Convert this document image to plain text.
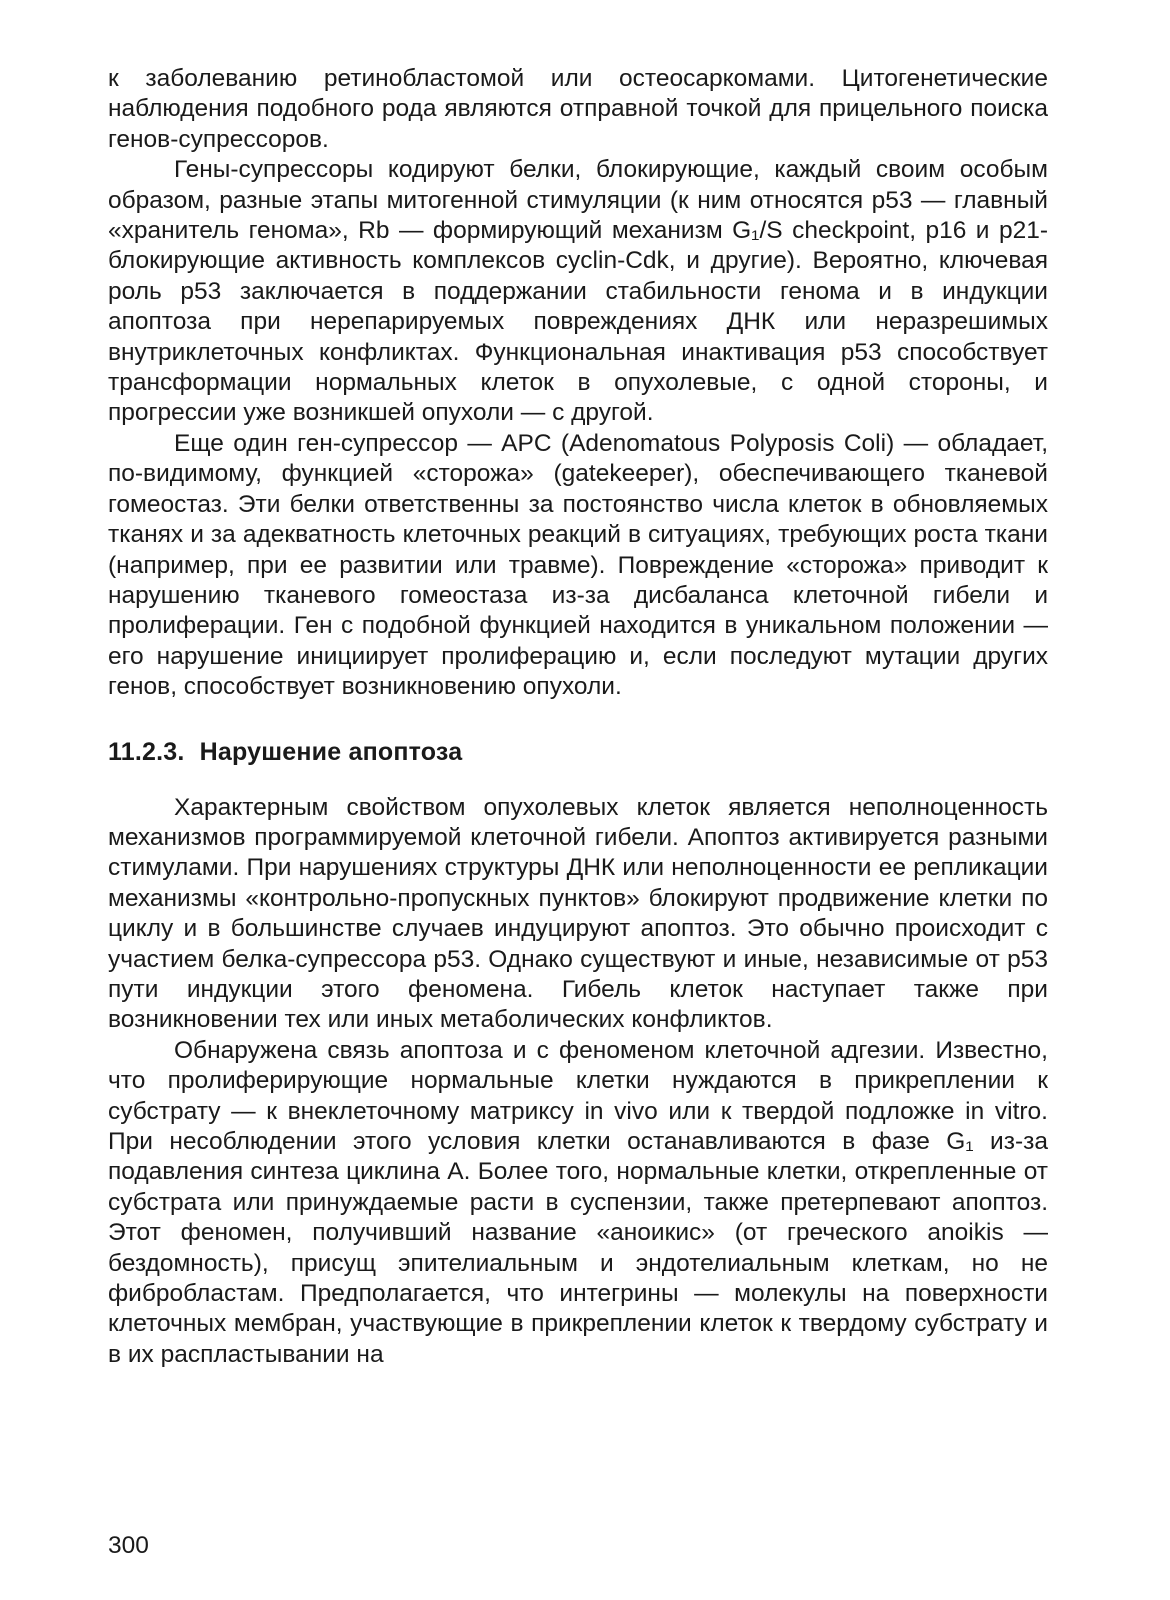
к заболеванию ретинобластомой или остеосаркомами. Цитогенетические наблюдения подобного рода являются отправной точкой для прицельного поиска генов-супрессоров.

Гены-супрессоры кодируют белки, блокирующие, каждый своим особым образом, разные этапы митогенной стимуляции (к ним относятся p53 — главный «хранитель генома», Rb — формирующий механизм G₁/S checkpoint, p16 и p21- блокирующие активность комплексов cyclin-Cdk, и другие). Вероятно, ключевая роль p53 заключается в поддержании стабильности генома и в индукции апоптоза при нерепарируемых повреждениях ДНК или неразрешимых внутриклеточных конфликтах. Функциональная инактивация p53 способствует трансформации нормальных клеток в опухолевые, с одной стороны, и прогрессии уже возникшей опухоли — с другой.

Еще один ген-супрессор — APC (Adenomatous Polyposis Coli) — обладает, по-видимому, функцией «сторожа» (gatekeeper), обеспечивающего тканевой гомеостаз. Эти белки ответственны за постоянство числа клеток в обновляемых тканях и за адекватность клеточных реакций в ситуациях, требующих роста ткани (например, при ее развитии или травме). Повреждение «сторожа» приводит к нарушению тканевого гомеостаза из-за дисбаланса клеточной гибели и пролиферации. Ген с подобной функцией находится в уникальном положении — его нарушение инициирует пролиферацию и, если последуют мутации других генов, способствует возникновению опухоли.

11.2.3. Нарушение апоптоза

Характерным свойством опухолевых клеток является неполноценность механизмов программируемой клеточной гибели. Апоптоз активируется разными стимулами. При нарушениях структуры ДНК или неполноценности ее репликации механизмы «контрольно-пропускных пунктов» блокируют продвижение клетки по циклу и в большинстве случаев индуцируют апоптоз. Это обычно происходит с участием белка-супрессора p53. Однако существуют и иные, независимые от p53 пути индукции этого феномена. Гибель клеток наступает также при возникновении тех или иных метаболических конфликтов.

Обнаружена связь апоптоза и с феноменом клеточной адгезии. Известно, что пролиферирующие нормальные клетки нуждаются в прикреплении к субстрату — к внеклеточному матриксу in vivo или к твердой подложке in vitro. При несоблюдении этого условия клетки останавливаются в фазе G₁ из-за подавления синтеза циклина А. Более того, нормальные клетки, открепленные от субстрата или принуждаемые расти в суспензии, также претерпевают апоптоз. Этот феномен, получивший название «аноикис» (от греческого anoikis — бездомность), присущ эпителиальным и эндотелиальным клеткам, но не фибробластам. Предполагается, что интегрины — молекулы на поверхности клеточных мембран, участвующие в прикреплении клеток к твердому субстрату и в их распластывании на

300
